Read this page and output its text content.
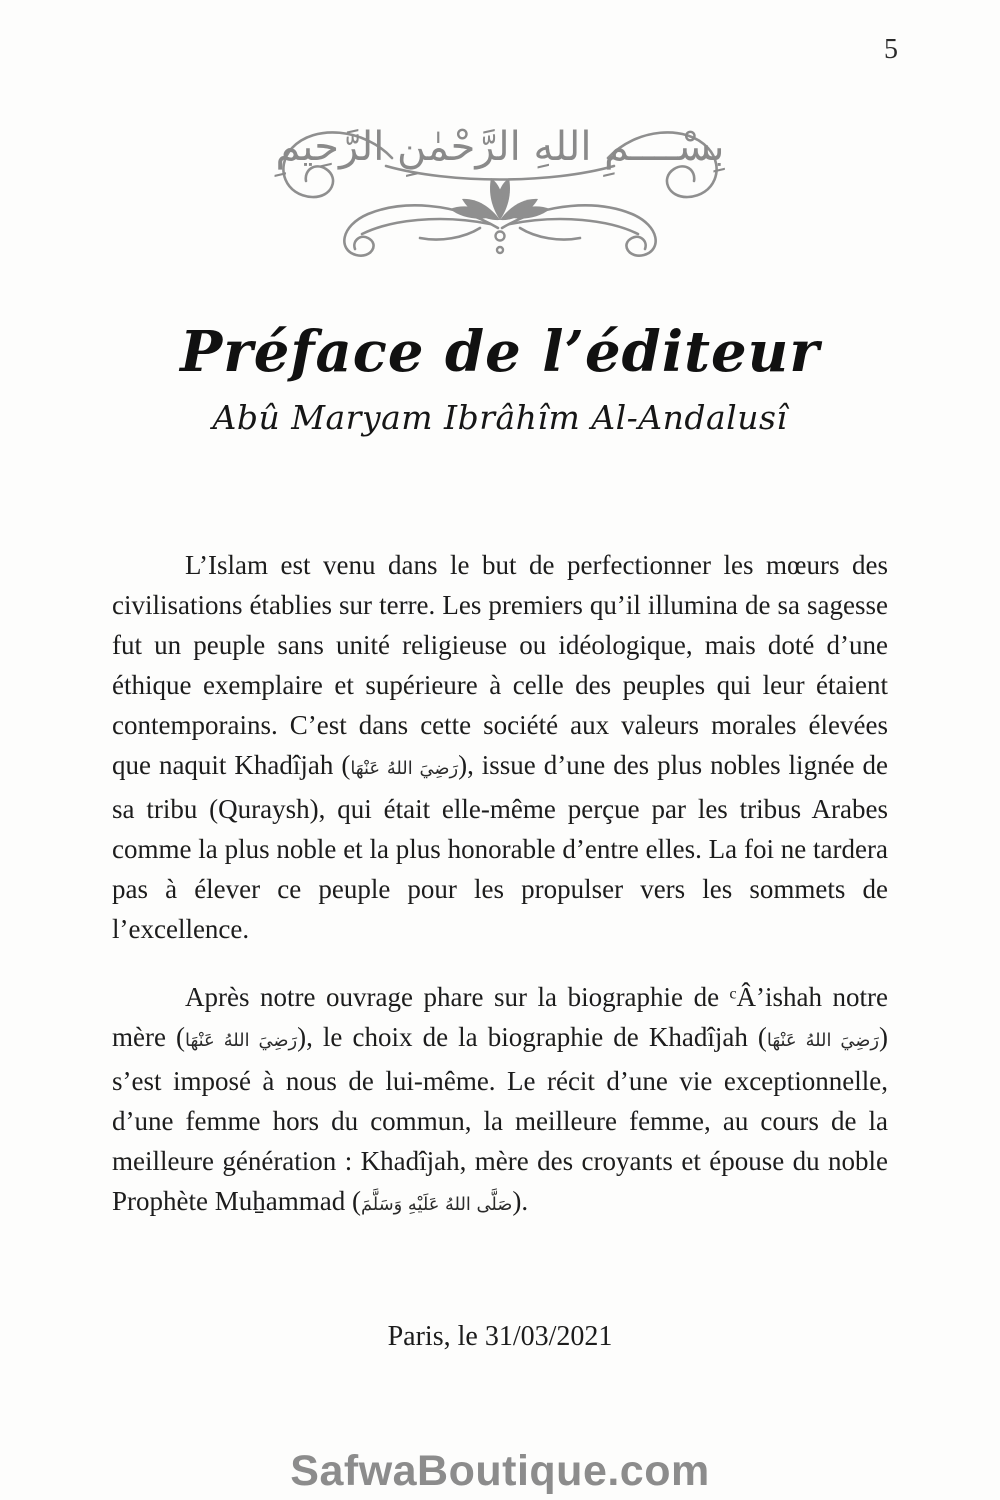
5
بِسْــــمِ اللهِ الرَّحْمٰنِ الرَّحِيمِ
Préface de l’éditeur
Abû Maryam Ibrâhîm Al-Andalusî

L’Islam est venu dans le but de perfectionner les mœurs des civilisations établies sur terre. Les premiers qu’il illumina de sa sagesse fut un peuple sans unité religieuse ou idéologique, mais doté d’une éthique exemplaire et supérieure à celle des peuples qui leur étaient contemporains. C’est dans cette société aux valeurs morales élevées que naquit Khadîjah (رَضِيَ اللهُ عَنْهَا), issue d’une des plus nobles lignée de sa tribu (Quraysh), qui était elle-même perçue par les tribus Arabes comme la plus noble et la plus honorable d’entre elles. La foi ne tardera pas à élever ce peuple pour les propulser vers les sommets de l’excellence.

Après notre ouvrage phare sur la biographie de ᶜÂ’ishah notre mère (رَضِيَ اللهُ عَنْهَا), le choix de la biographie de Khadîjah (رَضِيَ اللهُ عَنْهَا) s’est imposé à nous de lui-même. Le récit d’une vie exceptionnelle, d’une femme hors du commun, la meilleure femme, au cours de la meilleure génération : Khadîjah, mère des croyants et épouse du noble Prophète Muẖammad (صَلَّى اللهُ عَلَيْهِ وَسَلَّمَ).

Paris, le 31/03/2021
SafwaBoutique.com
